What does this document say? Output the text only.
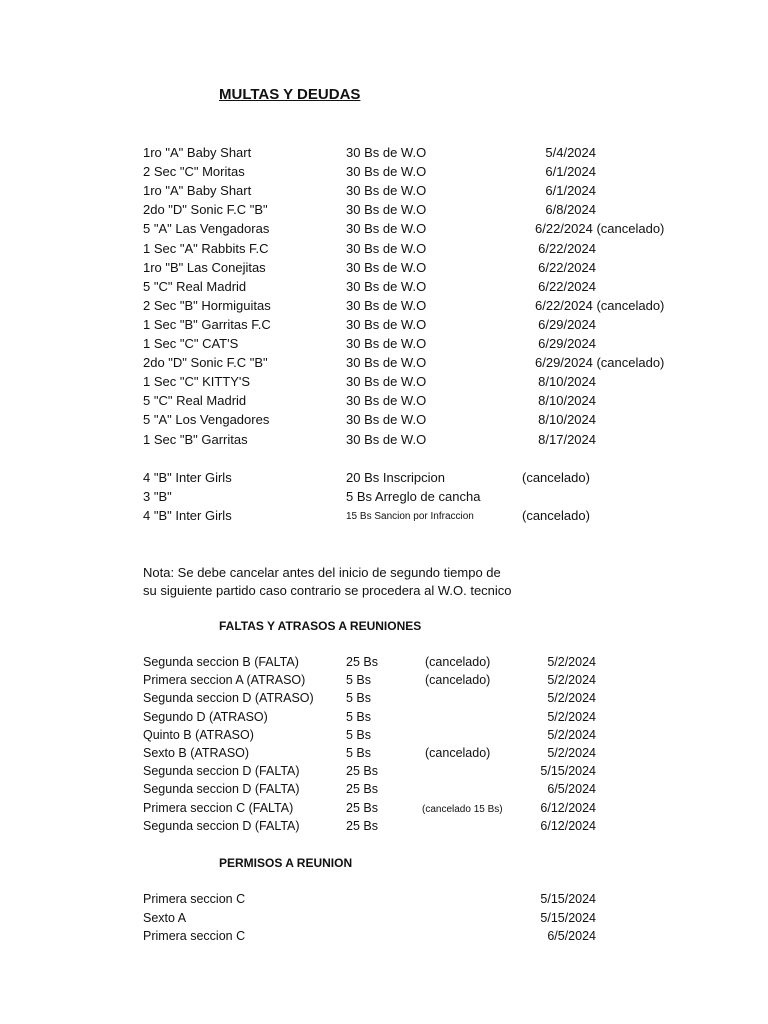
MULTAS Y DEUDAS
1ro "A" Baby Shart	30 Bs de W.O	5/4/2024
2 Sec "C" Moritas	30 Bs de W.O	6/1/2024
1ro "A" Baby Shart	30 Bs de W.O	6/1/2024
2do "D" Sonic F.C "B"	30 Bs de W.O	6/8/2024
5 "A" Las Vengadoras	30 Bs de W.O	6/22/2024 (cancelado)
1 Sec "A" Rabbits F.C	30 Bs de W.O	6/22/2024
1ro "B" Las Conejitas	30 Bs de W.O	6/22/2024
5 "C" Real Madrid	30 Bs de W.O	6/22/2024
2 Sec "B" Hormiguitas	30 Bs de W.O	6/22/2024 (cancelado)
1 Sec "B" Garritas F.C	30 Bs de W.O	6/29/2024
1 Sec "C" CAT'S	30 Bs de W.O	6/29/2024
2do "D" Sonic F.C "B"	30 Bs de W.O	6/29/2024 (cancelado)
1 Sec "C" KITTY'S	30 Bs de W.O	8/10/2024
5 "C" Real Madrid	30 Bs de W.O	8/10/2024
5 "A" Los Vengadores	30 Bs de W.O	8/10/2024
1 Sec "B" Garritas	30 Bs de W.O	8/17/2024
4 "B" Inter Girls	20 Bs Inscripcion	(cancelado)
3 "B"	5 Bs Arreglo de cancha
4 "B" Inter Girls	15 Bs Sancion por Infraccion	(cancelado)
Nota: Se debe cancelar antes del inicio de segundo tiempo de
su siguiente partido caso contrario se procedera al W.O. tecnico
FALTAS Y ATRASOS A REUNIONES
Segunda seccion B (FALTA)	25 Bs	(cancelado)	5/2/2024
Primera seccion A (ATRASO)	5 Bs	(cancelado)	5/2/2024
Segunda seccion D (ATRASO)	5 Bs	5/2/2024
Segundo D (ATRASO)	5 Bs	5/2/2024
Quinto B (ATRASO)	5 Bs	5/2/2024
Sexto B (ATRASO)	5 Bs	(cancelado)	5/2/2024
Segunda seccion D (FALTA)	25 Bs	5/15/2024
Segunda seccion D (FALTA)	25 Bs	6/5/2024
Primera seccion C (FALTA)	25 Bs	(cancelado 15 Bs)	6/12/2024
Segunda seccion D (FALTA)	25 Bs	6/12/2024
PERMISOS A REUNION
Primera seccion C	5/15/2024
Sexto A	5/15/2024
Primera seccion C	6/5/2024
